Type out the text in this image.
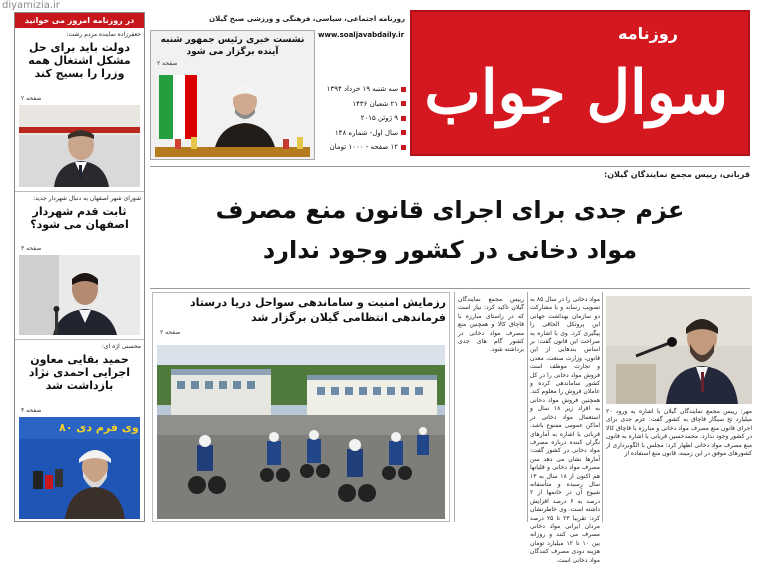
diyamizia.ir
در روزنامه امروز می خوانید
جعفرزاده نماینده مردم رشت:
دولت باید برای حل مشکل اشتغال همه وزرا را بسیج کند
صفحه ۲
شورای شهر اصفهان به دنبال شهردار جدید:
ثابت قدم شهردار اصفهان می شود؟
صفحه ۳
محسنی اژه ای:
حمید بقایی معاون اجرایی احمدی نژاد بازداشت شد
صفحه ۴
وی فرم دی ۸۰
روزنامه اجتماعی، سیاسی، فرهنگی و ورزشی صبح گیلان
www.soaljavabdaily.ir
نشست خبری رئیس جمهور شنبه آینده برگزار می شود
صفحه ۲
سه شنبه ۱۹ خرداد ۱۳۹۴
۲۱ شعبان ۱۴۳۶
۹ ژوئن ۲۰۱۵
سال اول- شماره ۱۴۸
۱۲ صفحه - ۱۰۰۰ تومان
روزنامه
سوال جواب
قربانی، رییس مجمع نمایندگان گیلان:
عزم جدی برای اجرای قانون منع مصرف
مواد دخانی در کشور وجود ندارد
رزمایش امنیت و ساماندهی سواحل دریا درستاد
فرماندهی انتظامی گیلان برگزار شد
صفحه ۲

رییس مجمع نمایندگان گیلان تاکید کرد: نیاز است که در راستای مبارزه با قاچاق کالا و همچنین منع مصرف مواد دخانی در کشور گام های جدی برداشته شود.

مواد دخانی را در سال ۸۵ به تصویب رساند و با مشارکت دو سازمان بهداشت جهانی این پروتکل الحاقی را پیگیری کرد. وی با اشاره به صراحت این قانون گفت: بر اساس بندهایی از این قانون، وزارت صنعت، معدن و تجارت موظف است فروش مواد دخانی را در کل کشور ساماندهی کرده و عاملان فروش را معلوم کند. همچنین فروش مواد دخانی به افراد زیر ۱۸ سال و استعمال مواد دخانی در اماکن عمومی ممنوع باشد. قربانی با اشاره به آمارهای نگران کننده درباره مصرف مواد دخانی در کشور گفت: آمارها نشان می دهد سن مصرف مواد دخانی و قلیانها هم اکنون از ۱۸ سال به ۱۳ سال رسیده و متأسفانه شیوع آن در خانمها از ۲ درصد به ۶ درصد افزایش داشته است. وی خاطرنشان کرد: تقریبا ۲۳ تا ۲۵ درصد مردان ایرانی مواد دخانی مصرف می کنند و روزانه بین ۱۰ تا ۱۲ میلیارد تومان هزینه دودی مصرف کنندگان مواد دخانی است.

مهر: رییس مجمع نمایندگان گیلان با اشاره به ورود ۲۰ میلیارد نخ سیگار قاچاق به کشور گفت: عزم جدی برای اجرای قانون منع مصرف مواد دخانی و مبارزه با قاچاق کالا در کشور وجود ندارد. محمدحسین قربانی با اشاره به قانون منع مصرف مواد دخانی اظهار کرد: مجلس با الگوبرداری از کشورهای موفق در این زمینه، قانون منع استفاده از
